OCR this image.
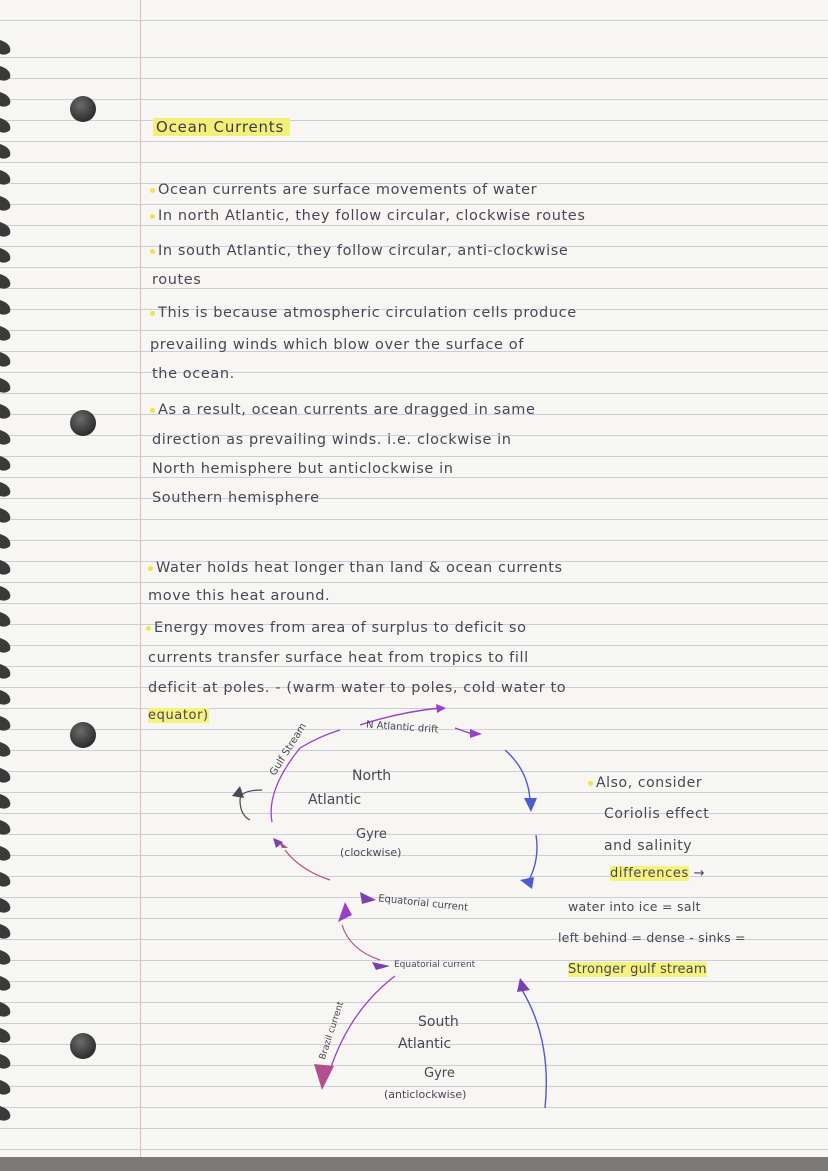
Ocean Currents
Ocean currents are surface movements of water
In north Atlantic, they follow circular, clockwise routes
In south Atlantic, they follow circular, anti-clockwise
routes
This is because atmospheric circulation cells produce
prevailing winds which blow over the surface of
the ocean.
As a result, ocean currents are dragged in same
direction as prevailing winds. i.e. clockwise in
North hemisphere but anticlockwise in
Southern hemisphere
Water holds heat longer than land & ocean currents
move this heat around.
Energy moves from area of surplus to deficit so
currents transfer surface heat from tropics to fill
deficit at poles. - (warm water to poles, cold water to
equator)
N Atlantic drift
Gulf Stream	North
Atlantic
Gyre
(clockwise)
Equatorial current
Equatorial current
Brazil current	South
Atlantic
Gyre
(anticlockwise)
Also, consider
Coriolis effect
and salinity
differences →
water into ice = salt
left behind = dense - sinks =
Stronger gulf stream
